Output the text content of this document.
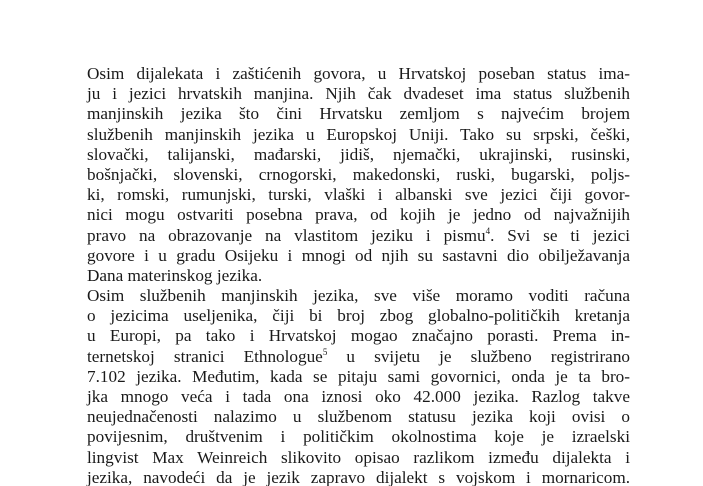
Osim dijalekata i zaštićenih govora, u Hrvatskoj poseban status ima-
ju i jezici hrvatskih manjina. Njih čak dvadeset ima status službenih
manjinskih jezika što čini Hrvatsku zemljom s najvećim brojem
službenih manjinskih jezika u Europskoj Uniji. Tako su srpski, češki,
slovački, talijanski, mađarski, jidiš, njemački, ukrajinski, rusinski,
bošnjački, slovenski, crnogorski, makedonski, ruski, bugarski, poljs-
ki, romski, rumunjski, turski, vlaški i albanski sve jezici čiji govor-
nici mogu ostvariti posebna prava, od kojih je jedno od najvažnijih
pravo na obrazovanje na vlastitom jeziku i pismu$^4$. Svi se ti jezici
govore i u gradu Osijeku i mnogi od njih su sastavni dio obilježavanja
Dana materinskog jezika.
Osim službenih manjinskih jezika, sve više moramo voditi računa
o jezicima useljenika, čiji bi broj zbog globalno-političkih kretanja
u Europi, pa tako i Hrvatskoj mogao značajno porasti. Prema in-
ternetskoj stranici Ethnologue$^5$ u svijetu je službeno registrirano
7.102 jezika. Međutim, kada se pitaju sami govornici, onda je ta bro-
jka mnogo veća i tada ona iznosi oko 42.000 jezika. Razlog takve
neujednačenosti nalazimo u službenom statusu jezika koji ovisi o
povijesnim, društvenim i političkim okolnostima koje je izraelski
lingvist Max Weinreich slikovito opisao razlikom između dijalekta i
jezika, navodeći da je jezik zapravo dijalekt s vojskom i mornaricom.
